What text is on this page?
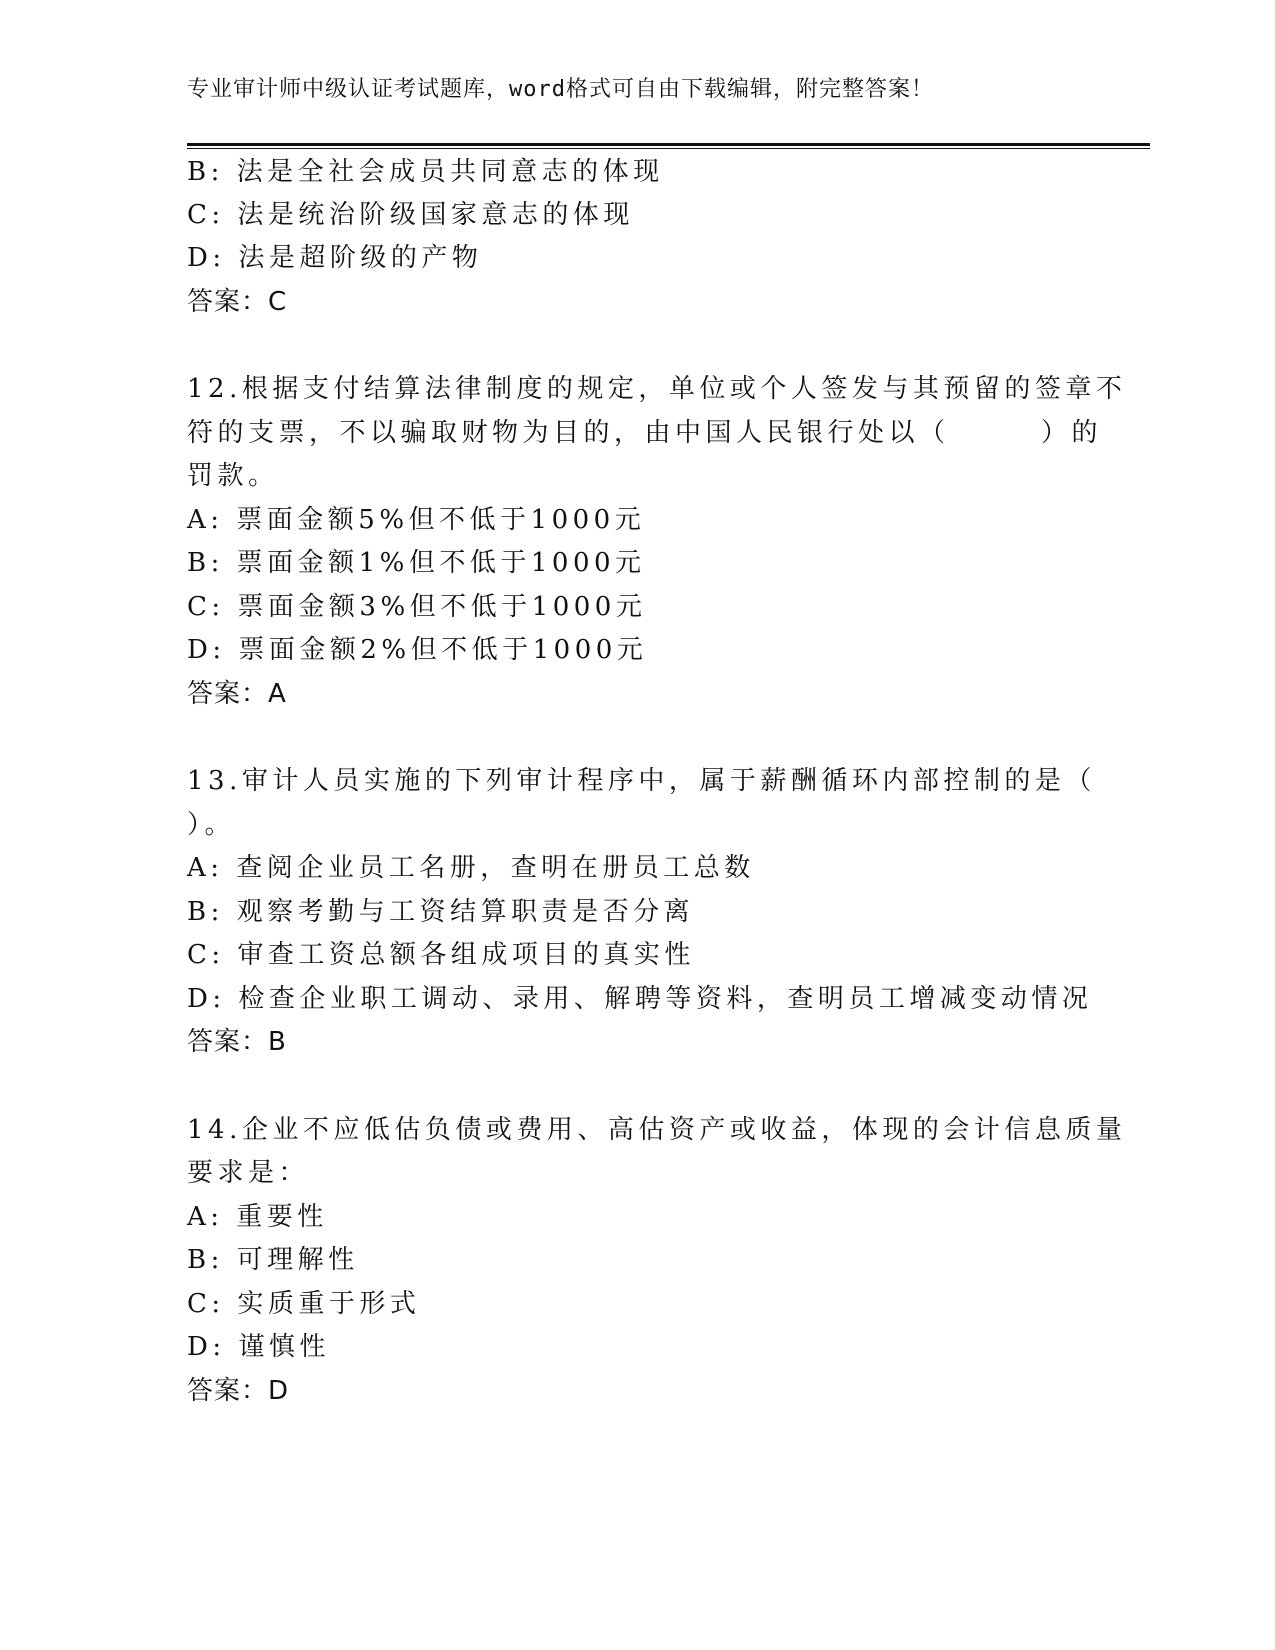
专业审计师中级认证考试题库，word格式可自由下载编辑，附完整答案！
B: 法是全社会成员共同意志的体现
C: 法是统治阶级国家意志的体现
D: 法是超阶级的产物
答案：C
12.根据支付结算法律制度的规定，单位或个人签发与其预留的签章不
符的支票，不以骗取财物为目的，由中国人民银行处以（　　　）的
罚款。
A: 票面金额5%但不低于1000元
B: 票面金额1%但不低于1000元
C: 票面金额3%但不低于1000元
D: 票面金额2%但不低于1000元
答案：A
13.审计人员实施的下列审计程序中，属于薪酬循环内部控制的是（
）。
A: 查阅企业员工名册，查明在册员工总数
B: 观察考勤与工资结算职责是否分离
C: 审查工资总额各组成项目的真实性
D: 检查企业职工调动、录用、解聘等资料，查明员工增减变动情况
答案：B
14.企业不应低估负债或费用、高估资产或收益，体现的会计信息质量
要求是：
A: 重要性
B: 可理解性
C: 实质重于形式
D: 谨慎性
答案：D
